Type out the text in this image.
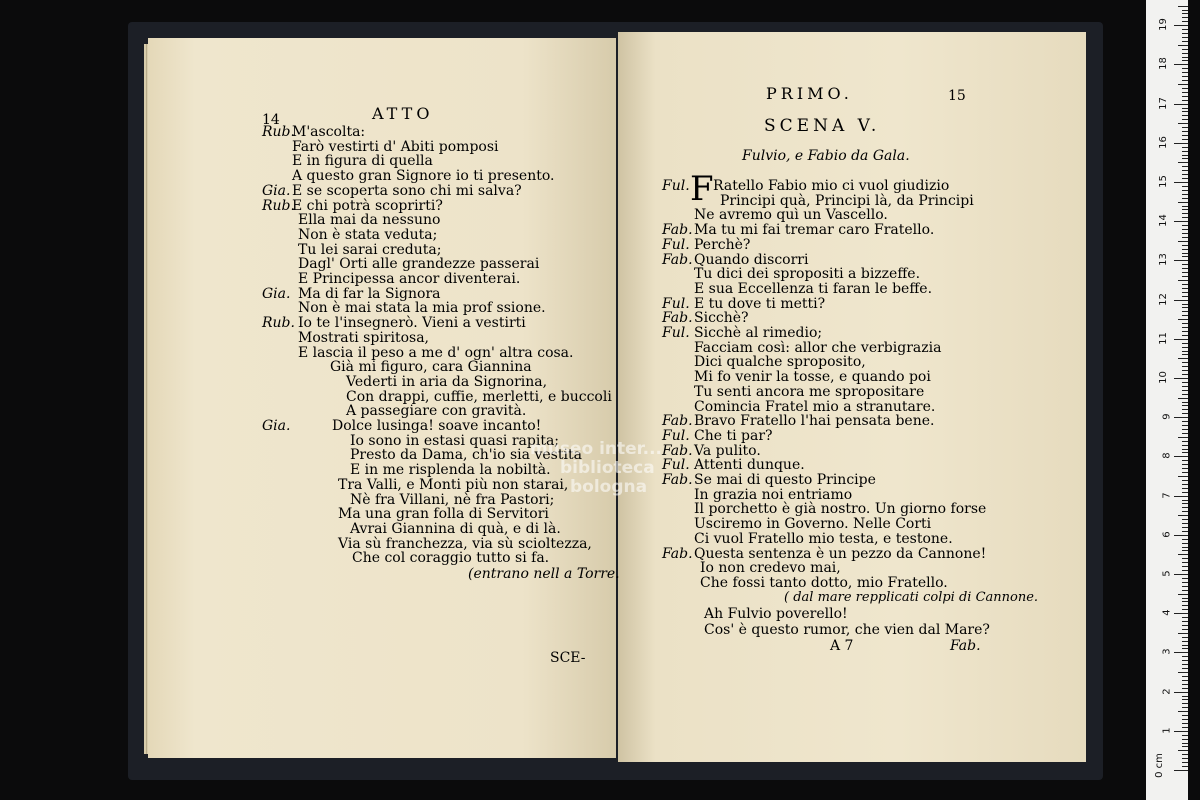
14	ATTO
Rub.
M'ascolta:
Farò vestirti d' Abiti pomposi
E in figura di quella
A questo gran Signore io ti presento.
Gia. E se scoperta sono chi mi salva?
Rub.
E chi potrà scoprirti?
Ella mai da nessuno
Non è stata veduta;
Tu lei sarai creduta;
Dagl' Orti alle grandezze passerai
E Principessa ancor diventerai.
Gia. Ma di far la Signora
Non è mai stata la mia prof ssione.
Rub. Io te l'insegnerò. Vieni a vestirti
Mostrati spiritosa,
E lascia il peso a me d' ogn' altra cosa.
Già mi figuro, cara Giannina
Vederti in aria da Signorina,
Con drappi, cuffie, merletti, e buccoli
A passegiare con gravità.
Gia.	Dolce lusinga! soave incanto!
Io sono in estasi quasi rapita;
Presto da Dama, ch'io sia vestita
E in me risplenda la nobiltà.
Tra Valli, e Monti più non starai,
Nè fra Villani, nè fra Pastori;
Ma una gran folla di Servitori
Avrai Giannina di quà, e di là.
Via sù franchezza, via sù scioltezza,
Che col coraggio tutto si fa.
(entrano nell a Torre.
SCE-
PRIMO.	15
SCENA V.
Fulvio, e Fabio da Gala.
F
Ful. Ratello Fabio mio ci vuol giudizio
Principi quà, Principi là, da Principi
Ne avremo quì un Vascello.
Fab. Ma tu mi fai tremar caro Fratello.
Ful. Perchè?
Fab. Quando discorri
Tu dici dei spropositi a bizzeffe.
E sua Eccellenza ti faran le beffe.
Ful. E tu dove ti metti?
Fab. Sicchè?
Ful. Sicchè al rimedio;
Facciam così: allor che verbigrazia
Dici qualche sproposito,
Mi fo venir la tosse, e quando poi
Tu senti ancora me spropositare
Comincia Fratel mio a stranutare.
Fab. Bravo Fratello l'hai pensata bene.
Ful. Che ti par?
Fab. Va pulito.
Ful. Attenti dunque.
Fab. Se mai di questo Principe
In grazia noi entriamo
Il porchetto è già nostro. Un giorno forse
Usciremo in Governo. Nelle Corti
Ci vuol Fratello mio testa, e testone.
Fab. Questa sentenza è un pezzo da Cannone!
Io non credevo mai,
Che fossi tanto dotto, mio Fratello.
( dal mare repplicati colpi di Cannone.
Ah Fulvio poverello!
Cos' è questo rumor, che vien dal Mare?
A 7	Fab.
museo inter...
biblioteca
bologna
0 cm
1
2
3
4
5
6
7
8
9
10
11
12
13
14
15
16
17
18
19
